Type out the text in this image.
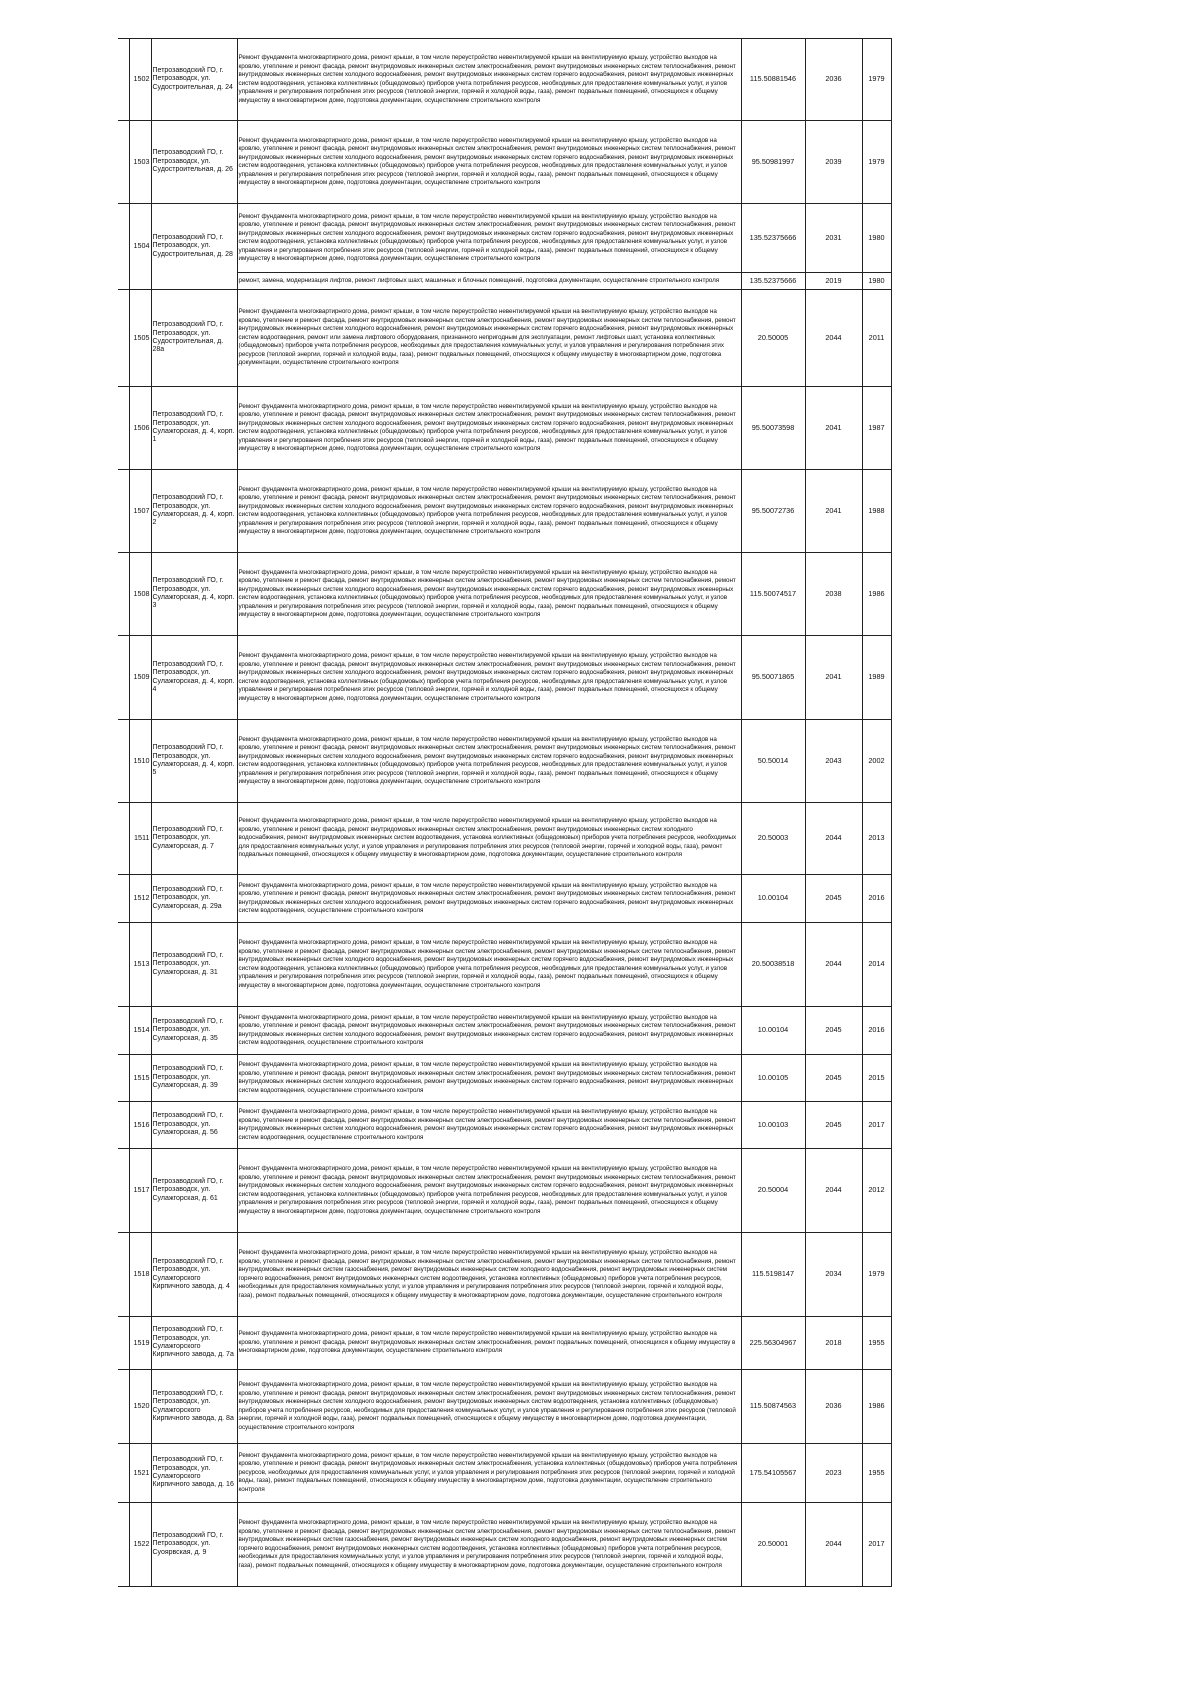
	1502	Петрозаводский ГО, г. Петрозаводск, ул. Судостроительная, д. 24	Ремонт фундамента многоквартирного дома, ремонт крыши, в том числе переустройство невентилируемой крыши на вентилируемую крышу, устройство выходов на кровлю, утепление и ремонт фасада, ремонт внутридомовых инженерных систем электроснабжения, ремонт внутридомовых инженерных систем теплоснабжения, ремонт внутридомовых инженерных систем холодного водоснабжения, ремонт внутридомовых инженерных систем горячего водоснабжения, ремонт внутридомовых инженерных систем водоотведения, установка коллективных (общедомовых) приборов учета потребления ресурсов, необходимых для предоставления коммунальных услуг, и узлов управления и регулирования потребления этих ресурсов (тепловой энергии, горячей и холодной воды, газа), ремонт подвальных помещений, относящихся к общему имуществу в многоквартирном доме, подготовка документации, осуществление строительного контроля	115.50881546	2036	1979
	1503	Петрозаводский ГО, г. Петрозаводск, ул. Судостроительная, д. 26	Ремонт фундамента многоквартирного дома, ремонт крыши, в том числе переустройство невентилируемой крыши на вентилируемую крышу, устройство выходов на кровлю, утепление и ремонт фасада, ремонт внутридомовых инженерных систем электроснабжения, ремонт внутридомовых инженерных систем теплоснабжения, ремонт внутридомовых инженерных систем холодного водоснабжения, ремонт внутридомовых инженерных систем горячего водоснабжения, ремонт внутридомовых инженерных систем водоотведения, установка коллективных (общедомовых) приборов учета потребления ресурсов, необходимых для предоставления коммунальных услуг, и узлов управления и регулирования потребления этих ресурсов (тепловой энергии, горячей и холодной воды, газа), ремонт подвальных помещений, относящихся к общему имуществу в многоквартирном доме, подготовка документации, осуществление строительного контроля	95.50981997	2039	1979
	1504	Петрозаводский ГО, г. Петрозаводск, ул. Судостроительная, д. 28	Ремонт фундамента многоквартирного дома, ремонт крыши, в том числе переустройство невентилируемой крыши на вентилируемую крышу, устройство выходов на кровлю, утепление и ремонт фасада, ремонт внутридомовых инженерных систем электроснабжения, ремонт внутридомовых инженерных систем теплоснабжения, ремонт внутридомовых инженерных систем холодного водоснабжения, ремонт внутридомовых инженерных систем горячего водоснабжения, ремонт внутридомовых инженерных систем водоотведения, установка коллективных (общедомовых) приборов учета потребления ресурсов, необходимых для предоставления коммунальных услуг, и узлов управления и регулирования потребления этих ресурсов (тепловой энергии, горячей и холодной воды, газа), ремонт подвальных помещений, относящихся к общему имуществу в многоквартирном доме, подготовка документации, осуществление строительного контроля	135.52375666	2031	1980
			ремонт, замена, модернизация лифтов, ремонт лифтовых шахт, машинных и блочных помещений, подготовка документации, осуществление строительного контроля	135.52375666	2019	1980
	1505	Петрозаводский ГО, г. Петрозаводск, ул. Судостроительная, д. 28а	Ремонт фундамента многоквартирного дома, ремонт крыши, в том числе переустройство невентилируемой крыши на вентилируемую крышу, устройство выходов на кровлю, утепление и ремонт фасада, ремонт внутридомовых инженерных систем электроснабжения, ремонт внутридомовых инженерных систем теплоснабжения, ремонт внутридомовых инженерных систем холодного водоснабжения, ремонт внутридомовых инженерных систем горячего водоснабжения, ремонт внутридомовых инженерных систем водоотведения, ремонт или замена лифтового оборудования, признанного непригодным для эксплуатации, ремонт лифтовых шахт, установка коллективных (общедомовых) приборов учета потребления ресурсов, необходимых для предоставления коммунальных услуг, и узлов управления и регулирования потребления этих ресурсов (тепловой энергии, горячей и холодной воды, газа), ремонт подвальных помещений, относящихся к общему имуществу в многоквартирном доме, подготовка документации, осуществление строительного контроля	20.50005	2044	2011
	1506	Петрозаводский ГО, г. Петрозаводск, ул. Сулажгорская, д. 4, корп. 1	Ремонт фундамента многоквартирного дома, ремонт крыши, в том числе переустройство невентилируемой крыши на вентилируемую крышу, устройство выходов на кровлю, утепление и ремонт фасада, ремонт внутридомовых инженерных систем электроснабжения, ремонт внутридомовых инженерных систем теплоснабжения, ремонт внутридомовых инженерных систем холодного водоснабжения, ремонт внутридомовых инженерных систем горячего водоснабжения, ремонт внутридомовых инженерных систем водоотведения, установка коллективных (общедомовых) приборов учета потребления ресурсов, необходимых для предоставления коммунальных услуг, и узлов управления и регулирования потребления этих ресурсов (тепловой энергии, горячей и холодной воды, газа), ремонт подвальных помещений, относящихся к общему имуществу в многоквартирном доме, подготовка документации, осуществление строительного контроля	95.50073598	2041	1987
	1507	Петрозаводский ГО, г. Петрозаводск, ул. Сулажгорская, д. 4, корп. 2	Ремонт фундамента многоквартирного дома, ремонт крыши, в том числе переустройство невентилируемой крыши на вентилируемую крышу, устройство выходов на кровлю, утепление и ремонт фасада, ремонт внутридомовых инженерных систем электроснабжения, ремонт внутридомовых инженерных систем теплоснабжения, ремонт внутридомовых инженерных систем холодного водоснабжения, ремонт внутридомовых инженерных систем горячего водоснабжения, ремонт внутридомовых инженерных систем водоотведения, установка коллективных (общедомовых) приборов учета потребления ресурсов, необходимых для предоставления коммунальных услуг, и узлов управления и регулирования потребления этих ресурсов (тепловой энергии, горячей и холодной воды, газа), ремонт подвальных помещений, относящихся к общему имуществу в многоквартирном доме, подготовка документации, осуществление строительного контроля	95.50072736	2041	1988
	1508	Петрозаводский ГО, г. Петрозаводск, ул. Сулажгорская, д. 4, корп. 3	Ремонт фундамента многоквартирного дома, ремонт крыши, в том числе переустройство невентилируемой крыши на вентилируемую крышу, устройство выходов на кровлю, утепление и ремонт фасада, ремонт внутридомовых инженерных систем электроснабжения, ремонт внутридомовых инженерных систем теплоснабжения, ремонт внутридомовых инженерных систем холодного водоснабжения, ремонт внутридомовых инженерных систем горячего водоснабжения, ремонт внутридомовых инженерных систем водоотведения, установка коллективных (общедомовых) приборов учета потребления ресурсов, необходимых для предоставления коммунальных услуг, и узлов управления и регулирования потребления этих ресурсов (тепловой энергии, горячей и холодной воды, газа), ремонт подвальных помещений, относящихся к общему имуществу в многоквартирном доме, подготовка документации, осуществление строительного контроля	115.50074517	2038	1986
	1509	Петрозаводский ГО, г. Петрозаводск, ул. Сулажгорская, д. 4, корп. 4	Ремонт фундамента многоквартирного дома, ремонт крыши, в том числе переустройство невентилируемой крыши на вентилируемую крышу, устройство выходов на кровлю, утепление и ремонт фасада, ремонт внутридомовых инженерных систем электроснабжения, ремонт внутридомовых инженерных систем теплоснабжения, ремонт внутридомовых инженерных систем холодного водоснабжения, ремонт внутридомовых инженерных систем горячего водоснабжения, ремонт внутридомовых инженерных систем водоотведения, установка коллективных (общедомовых) приборов учета потребления ресурсов, необходимых для предоставления коммунальных услуг, и узлов управления и регулирования потребления этих ресурсов (тепловой энергии, горячей и холодной воды, газа), ремонт подвальных помещений, относящихся к общему имуществу в многоквартирном доме, подготовка документации, осуществление строительного контроля	95.50071865	2041	1989
	1510	Петрозаводский ГО, г. Петрозаводск, ул. Сулажгорская, д. 4, корп. 5	Ремонт фундамента многоквартирного дома, ремонт крыши, в том числе переустройство невентилируемой крыши на вентилируемую крышу, устройство выходов на кровлю, утепление и ремонт фасада, ремонт внутридомовых инженерных систем электроснабжения, ремонт внутридомовых инженерных систем теплоснабжения, ремонт внутридомовых инженерных систем холодного водоснабжения, ремонт внутридомовых инженерных систем горячего водоснабжения, ремонт внутридомовых инженерных систем водоотведения, установка коллективных (общедомовых) приборов учета потребления ресурсов, необходимых для предоставления коммунальных услуг, и узлов управления и регулирования потребления этих ресурсов (тепловой энергии, горячей и холодной воды, газа), ремонт подвальных помещений, относящихся к общему имуществу в многоквартирном доме, подготовка документации, осуществление строительного контроля	50.50014	2043	2002
	1511	Петрозаводский ГО, г. Петрозаводск, ул. Сулажгорская, д. 7	Ремонт фундамента многоквартирного дома, ремонт крыши, в том числе переустройство невентилируемой крыши на вентилируемую крышу, устройство выходов на кровлю, утепление и ремонт фасада, ремонт внутридомовых инженерных систем электроснабжения, ремонт внутридомовых инженерных систем холодного водоснабжения, ремонт внутридомовых инженерных систем водоотведения, установка коллективных (общедомовых) приборов учета потребления ресурсов, необходимых для предоставления коммунальных услуг, и узлов управления и регулирования потребления этих ресурсов (тепловой энергии, горячей и холодной воды, газа), ремонт подвальных помещений, относящихся к общему имуществу в многоквартирном доме, подготовка документации, осуществление строительного контроля	20.50003	2044	2013
	1512	Петрозаводский ГО, г. Петрозаводск, ул. Сулажгорская, д. 29а	Ремонт фундамента многоквартирного дома, ремонт крыши, в том числе переустройство невентилируемой крыши на вентилируемую крышу, устройство выходов на кровлю, утепление и ремонт фасада, ремонт внутридомовых инженерных систем электроснабжения, ремонт внутридомовых инженерных систем теплоснабжения, ремонт внутридомовых инженерных систем холодного водоснабжения, ремонт внутридомовых инженерных систем горячего водоснабжения, ремонт внутридомовых инженерных систем водоотведения, осуществление строительного контроля	10.00104	2045	2016
	1513	Петрозаводский ГО, г. Петрозаводск, ул. Сулажгорская, д. 31	Ремонт фундамента многоквартирного дома, ремонт крыши, в том числе переустройство невентилируемой крыши на вентилируемую крышу, устройство выходов на кровлю, утепление и ремонт фасада, ремонт внутридомовых инженерных систем электроснабжения, ремонт внутридомовых инженерных систем теплоснабжения, ремонт внутридомовых инженерных систем холодного водоснабжения, ремонт внутридомовых инженерных систем горячего водоснабжения, ремонт внутридомовых инженерных систем водоотведения, установка коллективных (общедомовых) приборов учета потребления ресурсов, необходимых для предоставления коммунальных услуг, и узлов управления и регулирования потребления этих ресурсов (тепловой энергии, горячей и холодной воды, газа), ремонт подвальных помещений, относящихся к общему имуществу в многоквартирном доме, подготовка документации, осуществление строительного контроля	20.50038518	2044	2014
	1514	Петрозаводский ГО, г. Петрозаводск, ул. Сулажгорская, д. 35	Ремонт фундамента многоквартирного дома, ремонт крыши, в том числе переустройство невентилируемой крыши на вентилируемую крышу, устройство выходов на кровлю, утепление и ремонт фасада, ремонт внутридомовых инженерных систем электроснабжения, ремонт внутридомовых инженерных систем теплоснабжения, ремонт внутридомовых инженерных систем холодного водоснабжения, ремонт внутридомовых инженерных систем горячего водоснабжения, ремонт внутридомовых инженерных систем водоотведения, осуществление строительного контроля	10.00104	2045	2016
	1515	Петрозаводский ГО, г. Петрозаводск, ул. Сулажгорская, д. 39	Ремонт фундамента многоквартирного дома, ремонт крыши, в том числе переустройство невентилируемой крыши на вентилируемую крышу, устройство выходов на кровлю, утепление и ремонт фасада, ремонт внутридомовых инженерных систем электроснабжения, ремонт внутридомовых инженерных систем теплоснабжения, ремонт внутридомовых инженерных систем холодного водоснабжения, ремонт внутридомовых инженерных систем горячего водоснабжения, ремонт внутридомовых инженерных систем водоотведения, осуществление строительного контроля	10.00105	2045	2015
	1516	Петрозаводский ГО, г. Петрозаводск, ул. Сулажгорская, д. 56	Ремонт фундамента многоквартирного дома, ремонт крыши, в том числе переустройство невентилируемой крыши на вентилируемую крышу, устройство выходов на кровлю, утепление и ремонт фасада, ремонт внутридомовых инженерных систем электроснабжения, ремонт внутридомовых инженерных систем теплоснабжения, ремонт внутридомовых инженерных систем холодного водоснабжения, ремонт внутридомовых инженерных систем горячего водоснабжения, ремонт внутридомовых инженерных систем водоотведения, осуществление строительного контроля	10.00103	2045	2017
	1517	Петрозаводский ГО, г. Петрозаводск, ул. Сулажгорская, д. 61	Ремонт фундамента многоквартирного дома, ремонт крыши, в том числе переустройство невентилируемой крыши на вентилируемую крышу, устройство выходов на кровлю, утепление и ремонт фасада, ремонт внутридомовых инженерных систем электроснабжения, ремонт внутридомовых инженерных систем теплоснабжения, ремонт внутридомовых инженерных систем холодного водоснабжения, ремонт внутридомовых инженерных систем горячего водоснабжения, ремонт внутридомовых инженерных систем водоотведения, установка коллективных (общедомовых) приборов учета потребления ресурсов, необходимых для предоставления коммунальных услуг, и узлов управления и регулирования потребления этих ресурсов (тепловой энергии, горячей и холодной воды, газа), ремонт подвальных помещений, относящихся к общему имуществу в многоквартирном доме, подготовка документации, осуществление строительного контроля	20.50004	2044	2012
	1518	Петрозаводский ГО, г. Петрозаводск, ул. Сулажгорского Кирпичного завода, д. 4	Ремонт фундамента многоквартирного дома, ремонт крыши, в том числе переустройство невентилируемой крыши на вентилируемую крышу, устройство выходов на кровлю, утепление и ремонт фасада, ремонт внутридомовых инженерных систем электроснабжения, ремонт внутридомовых инженерных систем теплоснабжения, ремонт внутридомовых инженерных систем газоснабжения, ремонт внутридомовых инженерных систем холодного водоснабжения, ремонт внутридомовых инженерных систем горячего водоснабжения, ремонт внутридомовых инженерных систем водоотведения, установка коллективных (общедомовых) приборов учета потребления ресурсов, необходимых для предоставления коммунальных услуг, и узлов управления и регулирования потребления этих ресурсов (тепловой энергии, горячей и холодной воды, газа), ремонт подвальных помещений, относящихся к общему имуществу в многоквартирном доме, подготовка документации, осуществление строительного контроля	115.5198147	2034	1979
	1519	Петрозаводский ГО, г. Петрозаводск, ул. Сулажгорского Кирпичного завода, д. 7а	Ремонт фундамента многоквартирного дома, ремонт крыши, в том числе переустройство невентилируемой крыши на вентилируемую крышу, устройство выходов на кровлю, утепление и ремонт фасада, ремонт внутридомовых инженерных систем электроснабжения, ремонт подвальных помещений, относящихся к общему имуществу в многоквартирном доме, подготовка документации, осуществление строительного контроля	225.56304967	2018	1955
	1520	Петрозаводский ГО, г. Петрозаводск, ул. Сулажгорского Кирпичного завода, д. 8а	Ремонт фундамента многоквартирного дома, ремонт крыши, в том числе переустройство невентилируемой крыши на вентилируемую крышу, устройство выходов на кровлю, утепление и ремонт фасада, ремонт внутридомовых инженерных систем электроснабжения, ремонт внутридомовых инженерных систем теплоснабжения, ремонт внутридомовых инженерных систем холодного водоснабжения, ремонт внутридомовых инженерных систем водоотведения, установка коллективных (общедомовых) приборов учета потребления ресурсов, необходимых для предоставления коммунальных услуг, и узлов управления и регулирования потребления этих ресурсов (тепловой энергии, горячей и холодной воды, газа), ремонт подвальных помещений, относящихся к общему имуществу в многоквартирном доме, подготовка документации, осуществление строительного контроля	115.50874563	2036	1986
	1521	Петрозаводский ГО, г. Петрозаводск, ул. Сулажгорского Кирпичного завода, д. 16	Ремонт фундамента многоквартирного дома, ремонт крыши, в том числе переустройство невентилируемой крыши на вентилируемую крышу, устройство выходов на кровлю, утепление и ремонт фасада, ремонт внутридомовых инженерных систем электроснабжения, установка коллективных (общедомовых) приборов учета потребления ресурсов, необходимых для предоставления коммунальных услуг, и узлов управления и регулирования потребления этих ресурсов (тепловой энергии, горячей и холодной воды, газа), ремонт подвальных помещений, относящихся к общему имуществу в многоквартирном доме, подготовка документации, осуществление строительного контроля	175.54105567	2023	1955
	1522	Петрозаводский ГО, г. Петрозаводск, ул. Суоярвская, д. 9	Ремонт фундамента многоквартирного дома, ремонт крыши, в том числе переустройство невентилируемой крыши на вентилируемую крышу, устройство выходов на кровлю, утепление и ремонт фасада, ремонт внутридомовых инженерных систем электроснабжения, ремонт внутридомовых инженерных систем теплоснабжения, ремонт внутридомовых инженерных систем газоснабжения, ремонт внутридомовых инженерных систем холодного водоснабжения, ремонт внутридомовых инженерных систем горячего водоснабжения, ремонт внутридомовых инженерных систем водоотведения, установка коллективных (общедомовых) приборов учета потребления ресурсов, необходимых для предоставления коммунальных услуг, и узлов управления и регулирования потребления этих ресурсов (тепловой энергии, горячей и холодной воды, газа), ремонт подвальных помещений, относящихся к общему имуществу в многоквартирном доме, подготовка документации, осуществление строительного контроля	20.50001	2044	2017
